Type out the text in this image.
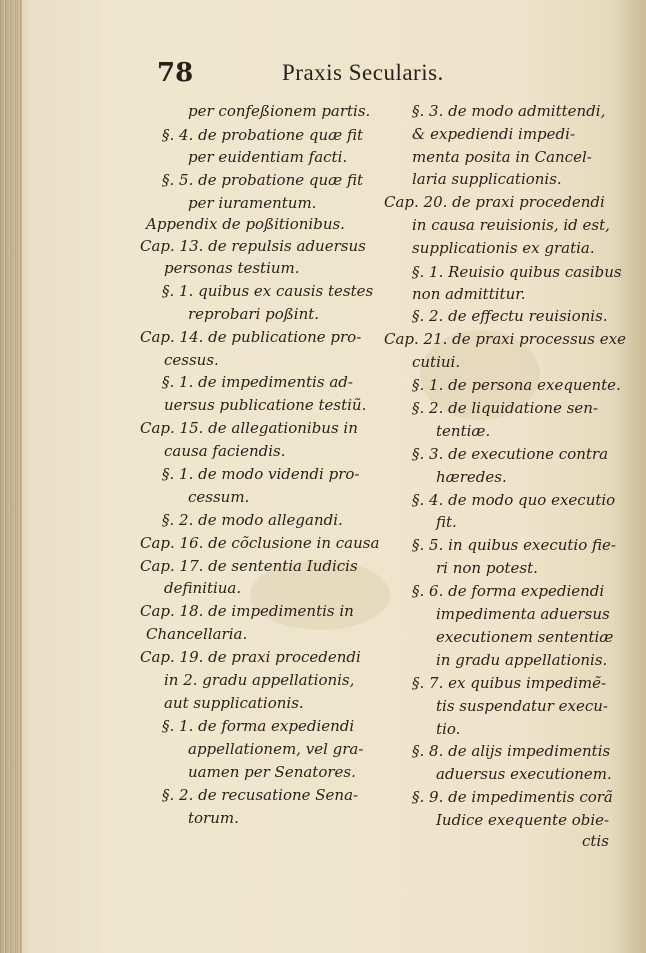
78	Praxis Secularis.
per confeßionem partis.
§. 4. de probatione quæ fit
per euidentiam facti.
§. 5. de probatione quæ fit
per iuramentum.
Appendix de poßitionibus.
Cap. 13. de repulsis aduersus
personas testium.
§. 1. quibus ex causis testes
reprobari poßint.
Cap. 14. de publicatione pro-
cessus.
§. 1. de impedimentis ad-
uersus publicatione testiũ.
Cap. 15. de allegationibus in
causa faciendis.
§. 1. de modo videndi pro-
cessum.
§. 2. de modo allegandi.
Cap. 16. de cõclusione in causa
Cap. 17. de sententia Iudicis
definitiua.
Cap. 18. de impedimentis in
Chancellaria.
Cap. 19. de praxi procedendi
in 2. gradu appellationis,
aut supplicationis.
§. 1. de forma expediendi
appellationem, vel gra-
uamen per Senatores.
§. 2. de recusatione Sena-
torum.
§. 3. de modo admittendi,
& expediendi impedi-
menta posita in Cancel-
laria supplicationis.
Cap. 20. de praxi procedendi
in causa reuisionis, id est,
supplicationis ex gratia.
§. 1. Reuisio quibus casibus
non admittitur.
§. 2. de effectu reuisionis.
Cap. 21. de praxi processus exe
cutiui.
§. 1. de persona exequente.
§. 2. de liquidatione sen-
tentiæ.
§. 3. de executione contra
hæredes.
§. 4. de modo quo executio
fit.
§. 5. in quibus executio fie-
ri non potest.
§. 6. de forma expediendi
impedimenta aduersus
executionem sententiæ
in gradu appellationis.
§. 7. ex quibus impedimẽ-
tis suspendatur execu-
tio.
§. 8. de alijs impedimentis
aduersus executionem.
§. 9. de impedimentis corã
Iudice exequente obie-
ctis
